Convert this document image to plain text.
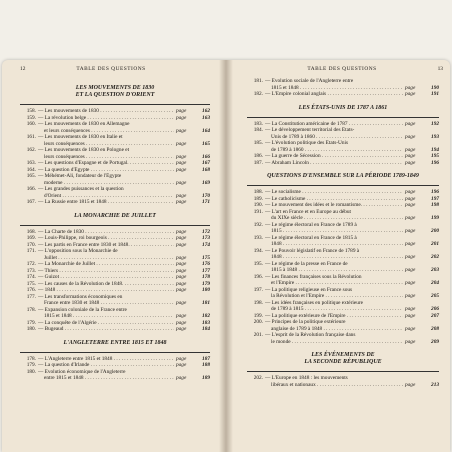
12	TABLE DES QUESTIONS
LES MOUVEMENTS DE 1830
ET LA QUESTION D'ORIENT
158. — Les mouvements de 1830 . . . . . . .	page	162
159. — La révolution belge . . . . . . . .	page	163
160. — Les mouvements de 1830 en Allemagne
et leurs conséquences . . . . . . .	page	164
161. — Les mouvements de 1830 en Italie et
leurs conséquences . . . . . . .	page	165
162. — Les mouvements de 1830 en Pologne et
leurs conséquences . . . . . . .	page	166
163. — Les questions d'Espagne et de Portugal. . . .	page	167
164. — La question d'Égypte . . . . . . .	page	168
165. — Méhémet-Ali, fondateur de l'Égypte
moderne . . . . . . . . . . .	page	169
166. — Les grandes puissances et la question
d'Orient . . . . . . . . . . .	page	170
167. — La Russie entre 1815 et 1848 . . . . .	page	171
LA MONARCHIE DE JUILLET
168. — La Charte de 1830 . . . . . . . .	page	172
169. — Louis-Philippe, roi bourgeois . . . . .	page	173
170. — Les partis en France entre 1830 et 1848. . . .	page	174
171. — L'opposition sous la Monarchie de
Juillet . . . . . . . . . . .	page	175
172. — La Monarchie de Juillet . . . . . . .	page	176
173. — Thiers . . . . . . . . . . .	page	177
174. — Guizot . . . . . . . . . . .	page	178
175. — Les causes de la Révolution de 1848. . . .	page	179
176. — 1848 . . . . . . . . . . . .	page	180
177. — Les transformations économiques en
France entre 1830 et 1848 . . . . . .	page	181
178. — Expansion coloniale de la France entre
1815 et 1848 . . . . . . . . .	page	182
179. — La conquête de l'Algérie . . . . . . .	page	183
180. — Bugeaud . . . . . . . . . . .	page	184
L'ANGLETERRE ENTRE 1815 ET 1848
178. — L'Angleterre entre 1815 et 1848 . . . . .	page	187
179. — La question d'Irlande . . . . . . . .	page	188
180. — Évolution économique de l'Angleterre
entre 1815 et 1848 . . . . . . . .	page	189
TABLE DES QUESTIONS	13
181. — Évolution sociale de l'Angleterre entre
1815 et 1848 . . . . . . . . . .	page	190
182. — L'Empire colonial anglais . . . . . . .	page	191
LES ÉTATS-UNIS DE 1787 A 1861
183. — La Constitution américaine de 1787 . . . . .	page	192
184. — Le développement territorial des États-
Unis de 1789 à 1860 . . . . . . . .	page	193
185. — L'évolution politique des États-Unis
de 1789 à 1860 . . . . . . . . .	page	194
186. — La guerre de Sécession . . . . . . . .	page	195
187. — Abraham Lincoln . . . . . . . . .	page	196
QUESTIONS D'ENSEMBLE SUR LA PÉRIODE 1789-1849
188. — Le socialisme . . . . . . . . . .	page	196
189. — Le catholicisme . . . . . . . . .	page	197
190. — Le mouvement des idées et le romantisme. . . .	page	198
191. — L'art en France et en Europe au début
du XIXe siècle . . . . . . . . .	page	199
192. — Le régime électoral en France de 1789 à
1815 . . . . . . . . . . . .	page	200
193. — Le régime électoral en France de 1815 à
1848 . . . . . . . . . . . .	page	201
194. — Le Pouvoir législatif en France de 1789 à
1848 . . . . . . . . . . . .	page	202
195. — Le régime de la presse en France de
1815 à 1848 . . . . . . . . .	page	203
196. — Les finances françaises sous la Révolution
et l'Empire . . . . . . . . . .	page	204
197. — La politique religieuse en France sous
la Révolution et l'Empire . . . . . .	page	205
198. — Les idées françaises en politique extérieure
de 1789 à 1815 . . . . . . . . .	page	206
199. — La politique extérieure de l'Empire . . . . .	page	207
200. — Principes de la politique extérieure
anglaise de 1789 à 1848 . . . . . . .	page	208
201. — L'esprit de la Révolution française dans
le monde . . . . . . . . . . .	page	209
LES ÉVÉNEMENTS DE
LA SECONDE RÉPUBLIQUE
202. — L'Europe en 1848 : les mouvements
libéraux et nationaux . . . . . . . .	page	213
